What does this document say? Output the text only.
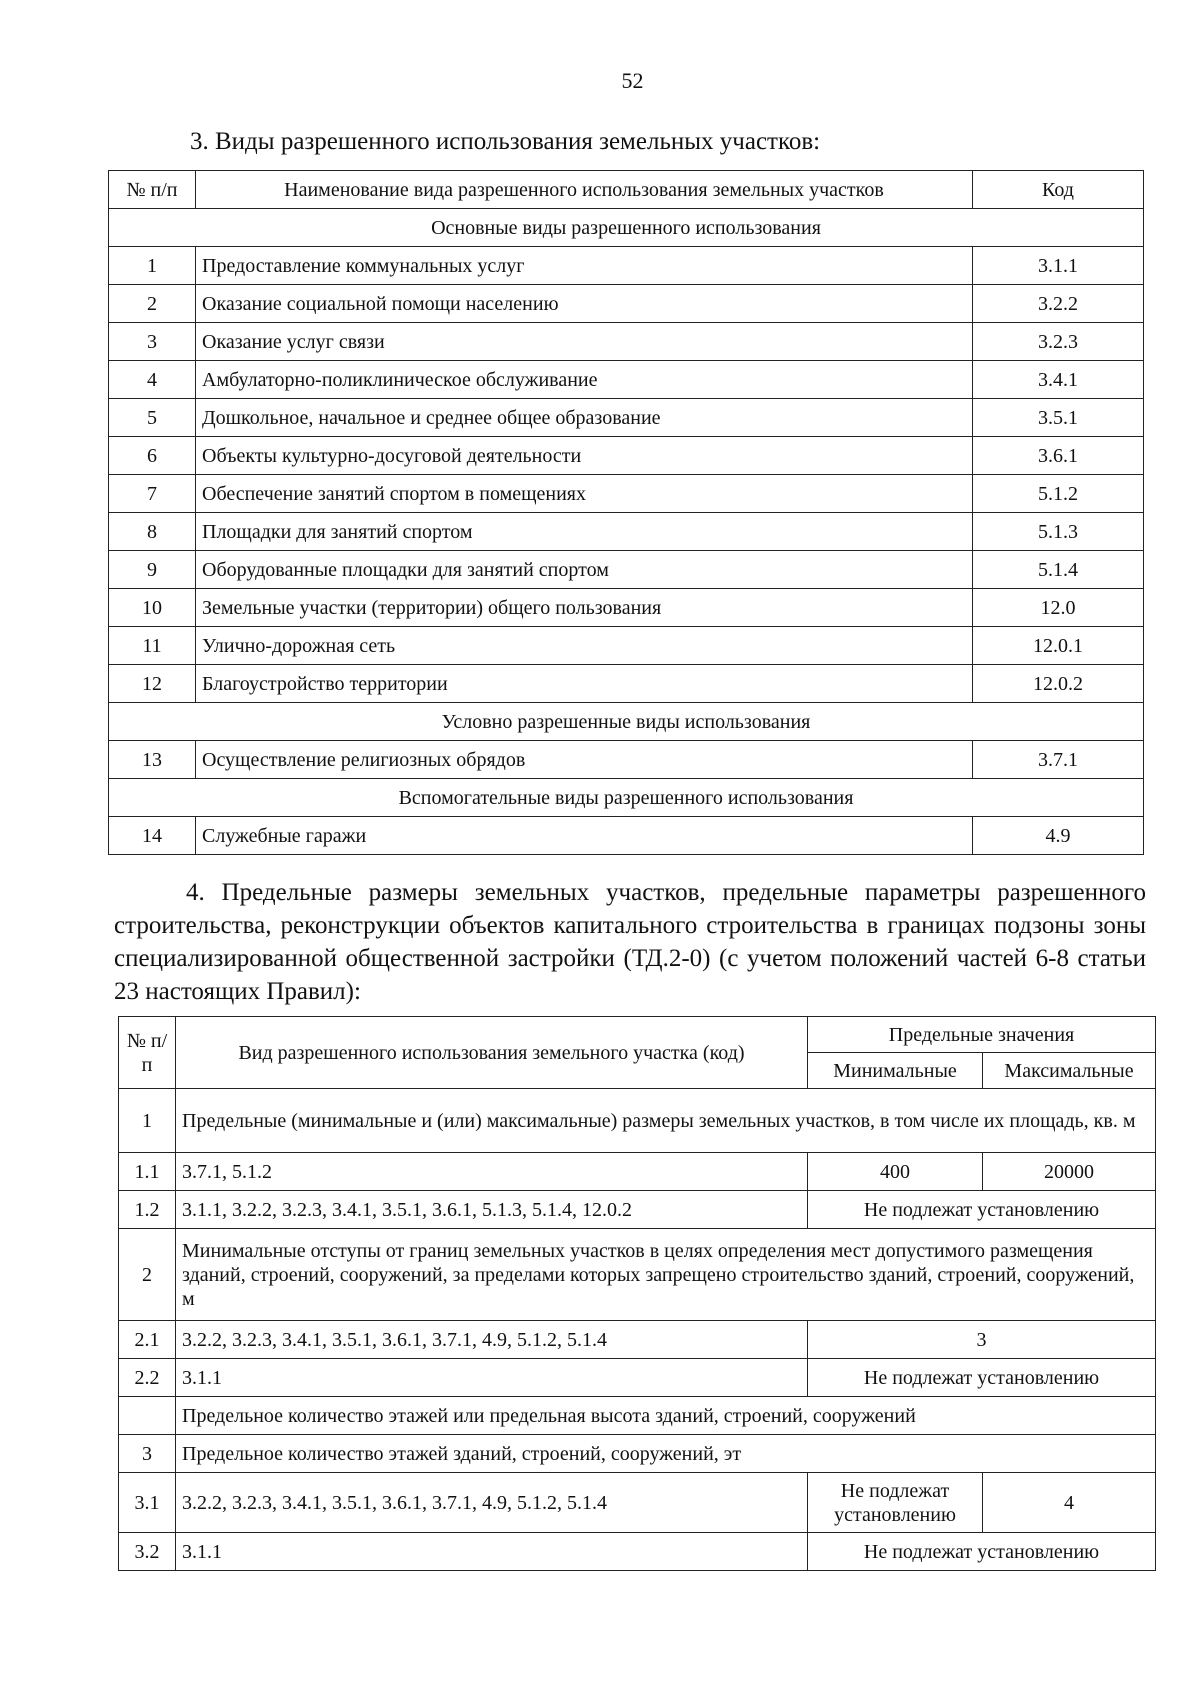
52
3. Виды разрешенного использования земельных участков:
№ п/п	Наименование вида разрешенного использования земельных участков	Код
Основные виды разрешенного использования		
1	Предоставление коммунальных услуг	3.1.1
2	Оказание социальной помощи населению	3.2.2
3	Оказание услуг связи	3.2.3
4	Амбулаторно-поликлиническое обслуживание	3.4.1
5	Дошкольное, начальное и среднее общее образование	3.5.1
6	Объекты культурно-досуговой деятельности	3.6.1
7	Обеспечение занятий спортом в помещениях	5.1.2
8	Площадки для занятий спортом	5.1.3
9	Оборудованные площадки для занятий спортом	5.1.4
10	Земельные участки (территории) общего пользования	12.0
11	Улично-дорожная сеть	12.0.1
12	Благоустройство территории	12.0.2
Условно разрешенные виды использования		
13	Осуществление религиозных обрядов	3.7.1
Вспомогательные виды разрешенного использования		
14	Служебные гаражи	4.9
4. Предельные размеры земельных участков, предельные параметры разрешенного строительства, реконструкции объектов капитального строительства в границах подзоны зоны специализированной общественной застройки (ТД.2-0) (с учетом положений частей 6-8 статьи 23 настоящих Правил):
№ п/п	Вид разрешенного использования земельного участка (код)	Предельные значения	
		Минимальные	Максимальные
1	Предельные (минимальные и (или) максимальные) размеры земельных участков, в том числе их площадь, кв. м		
1.1	3.7.1, 5.1.2	400	20000
1.2	3.1.1, 3.2.2, 3.2.3, 3.4.1, 3.5.1, 3.6.1, 5.1.3, 5.1.4, 12.0.2	Не подлежат установлению	
2	Минимальные отступы от границ земельных участков в целях определения мест допустимого размещения зданий, строений, сооружений, за пределами которых запрещено строительство зданий, строений, сооружений, м		
2.1	3.2.2, 3.2.3, 3.4.1, 3.5.1, 3.6.1, 3.7.1, 4.9, 5.1.2, 5.1.4	3	
2.2	3.1.1	Не подлежат установлению	
	Предельное количество этажей или предельная высота зданий, строений, сооружений		
3	Предельное количество этажей зданий, строений, сооружений, эт		
3.1	3.2.2, 3.2.3, 3.4.1, 3.5.1, 3.6.1, 3.7.1, 4.9, 5.1.2, 5.1.4	Не подлежат установлению	4
3.2	3.1.1	Не подлежат установлению	
